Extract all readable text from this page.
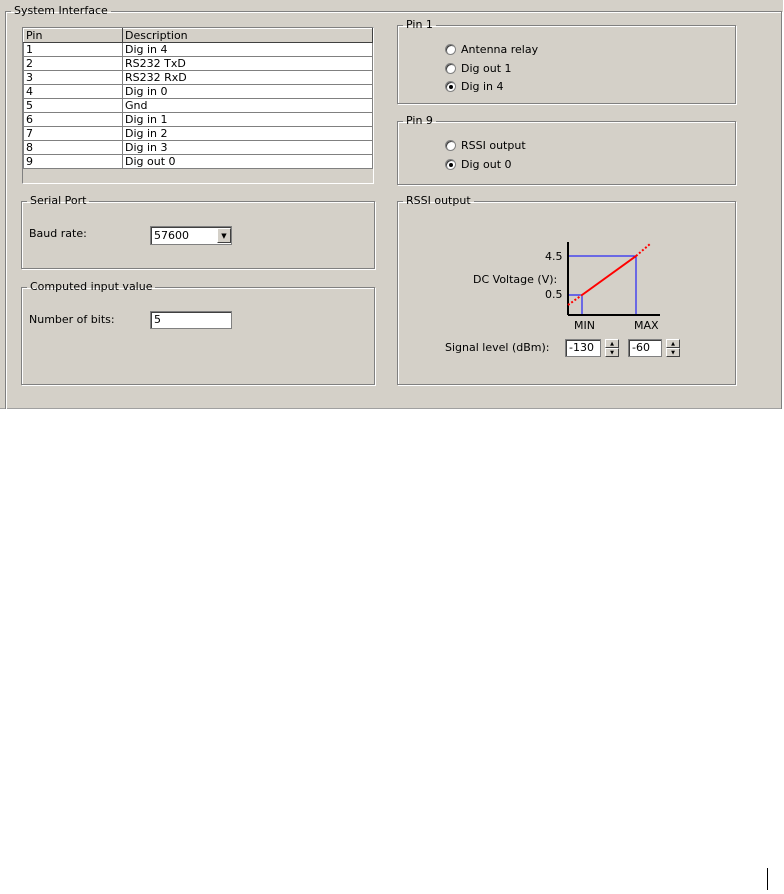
System Interface
Pin	Description
1	Dig in 4
2	RS232 TxD
3	RS232 RxD
4	Dig in 0
5	Gnd
6	Dig in 1
7	Dig in 2
8	Dig in 3
9	Dig out 0
Pin 1
Antenna relay
Dig out 1
Dig in 4
Pin 9
RSSI output
Dig out 0
Serial Port
Baud rate:	57600	▼
Computed input value
Number of bits:	5
RSSI output
DC Voltage (V):
4.5
0.5
MIN	MAX
Signal level (dBm):	-130	▲
▼	-60	▲
▼
